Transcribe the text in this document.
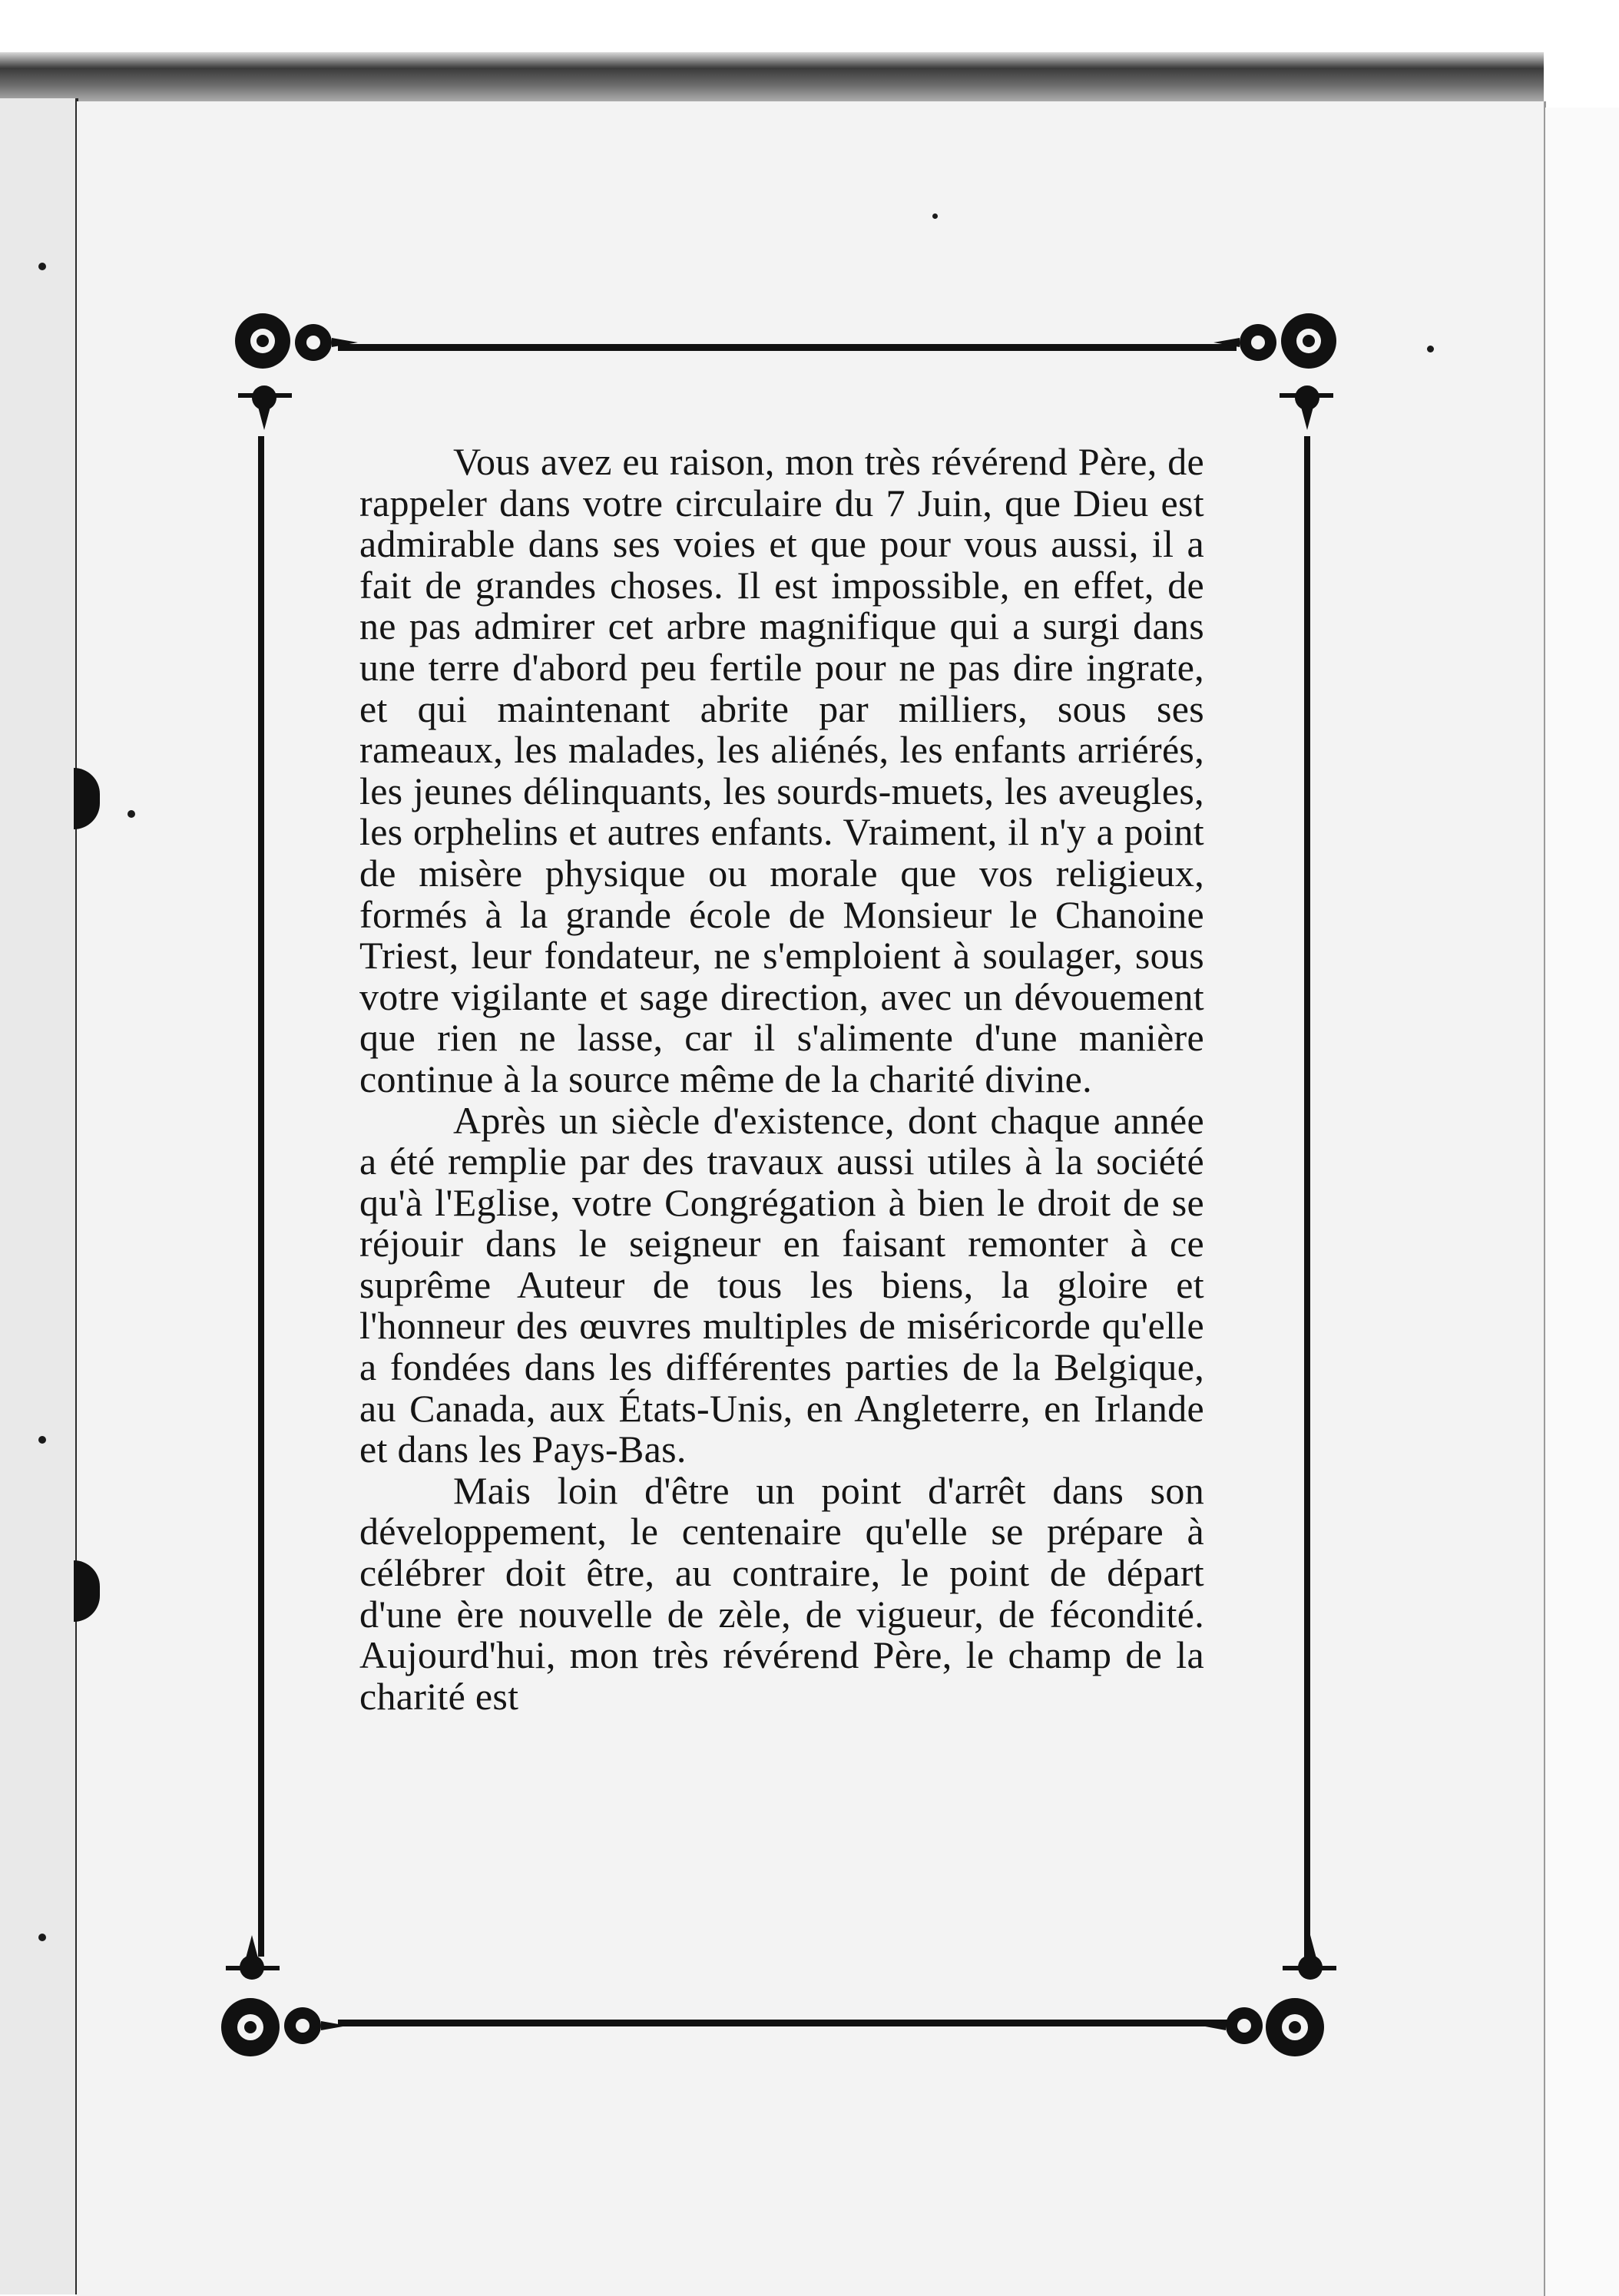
Vous avez eu raison, mon très révérend Père, de rappeler dans votre circulaire du 7 Juin, que Dieu est admirable dans ses voies et que pour vous aussi, il a fait de grandes choses. Il est impossible, en effet, de ne pas admirer cet arbre magnifique qui a surgi dans une terre d'abord peu fertile pour ne pas dire ingrate, et qui maintenant abrite par milliers, sous ses rameaux, les malades, les aliénés, les enfants arriérés, les jeunes délinquants, les sourds-muets, les aveugles, les orphelins et autres enfants. Vraiment, il n'y a point de misère physique ou morale que vos religieux, formés à la grande école de Monsieur le Chanoine Triest, leur fondateur, ne s'emploient à soulager, sous votre vigilante et sage direction, avec un dévouement que rien ne lasse, car il s'alimente d'une manière continue à la source même de la charité divine.

Après un siècle d'existence, dont chaque année a été remplie par des travaux aussi utiles à la société qu'à l'Eglise, votre Congrégation à bien le droit de se réjouir dans le seigneur en faisant remonter à ce suprême Auteur de tous les biens, la gloire et l'honneur des œuvres multiples de miséricorde qu'elle a fondées dans les différentes parties de la Belgique, au Canada, aux États-Unis, en Angleterre, en Irlande et dans les Pays-Bas.

Mais loin d'être un point d'arrêt dans son développement, le centenaire qu'elle se prépare à célébrer doit être, au contraire, le point de départ d'une ère nouvelle de zèle, de vigueur, de fécondité. Aujourd'hui, mon très révérend Père, le champ de la charité est
